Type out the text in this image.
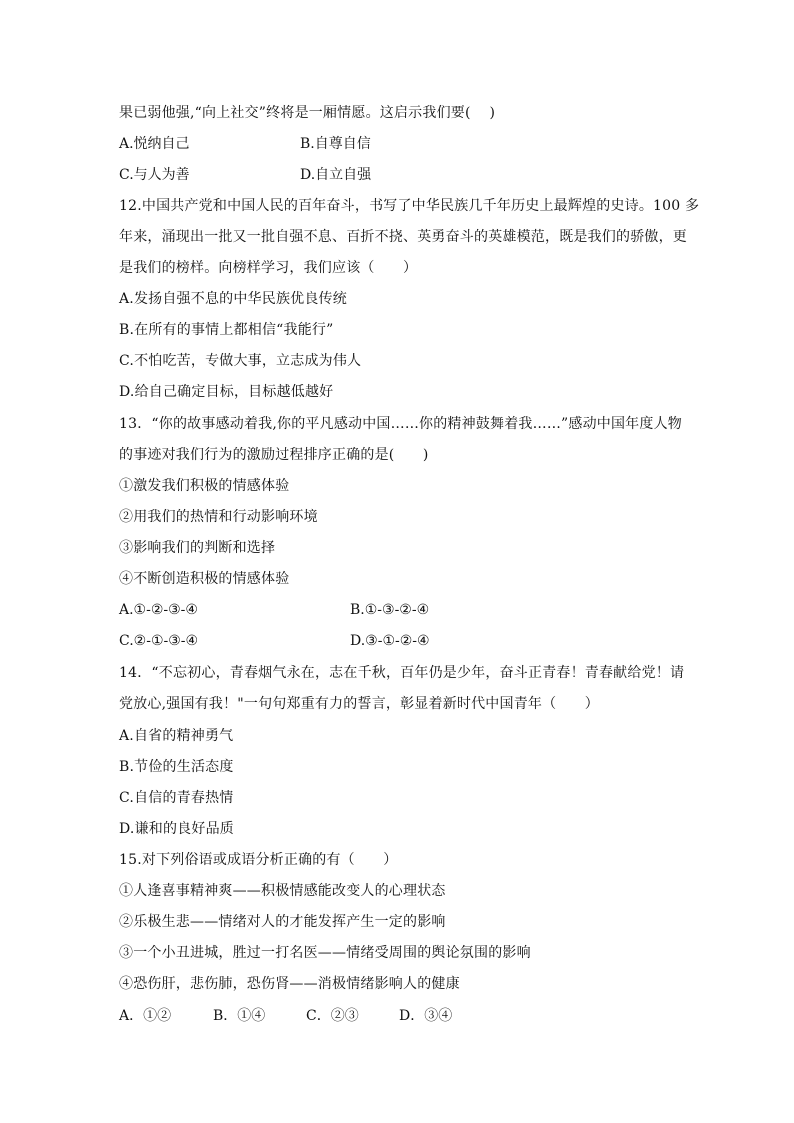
果已弱他强,“向上社交”终将是一厢情愿。这启示我们要(　 )
A.悦纳自己	B.自尊自信
C.与人为善	D.自立自强
12.中国共产党和中国人民的百年奋斗，书写了中华民族几千年历史上最辉煌的史诗。100 多
年来，涌现出一批又一批自强不息、百折不挠、英勇奋斗的英雄模范，既是我们的骄傲，更
是我们的榜样。向榜样学习，我们应该（　　）
A.发扬自强不息的中华民族优良传统
B.在所有的事情上都相信“我能行”
C.不怕吃苦，专做大事，立志成为伟人
D.给自己确定目标，目标越低越好
13．“你的故事感动着我,你的平凡感动中国……你的精神鼓舞着我……”感动中国年度人物
的事迹对我们行为的激励过程排序正确的是(　　)
①激发我们积极的情感体验
②用我们的热情和行动影响环境
③影响我们的判断和选择
④不断创造积极的情感体验
A.①-②-③-④	B.①-③-②-④
C.②-①-③-④	D.③-①-②-④
14．“不忘初心，青春烟气永在，志在千秋，百年仍是少年，奋斗正青春！青春献给党！请
党放心,强国有我！"一句句郑重有力的誓言，彰显着新时代中国青年（　　）
A.自省的精神勇气
B.节俭的生活态度
C.自信的青春热情
D.谦和的良好品质
15.对下列俗语或成语分析正确的有（　　）
①人逢喜事精神爽——积极情感能改变人的心理状态
②乐极生悲——情绪对人的才能发挥产生一定的影响
③一个小丑进城，胜过一打名医——情绪受周围的舆论氛围的影响
④恐伤肝，悲伤肺，恐伤肾——消极情绪影响人的健康
A．①②	B．①④	C．②③	D．③④
